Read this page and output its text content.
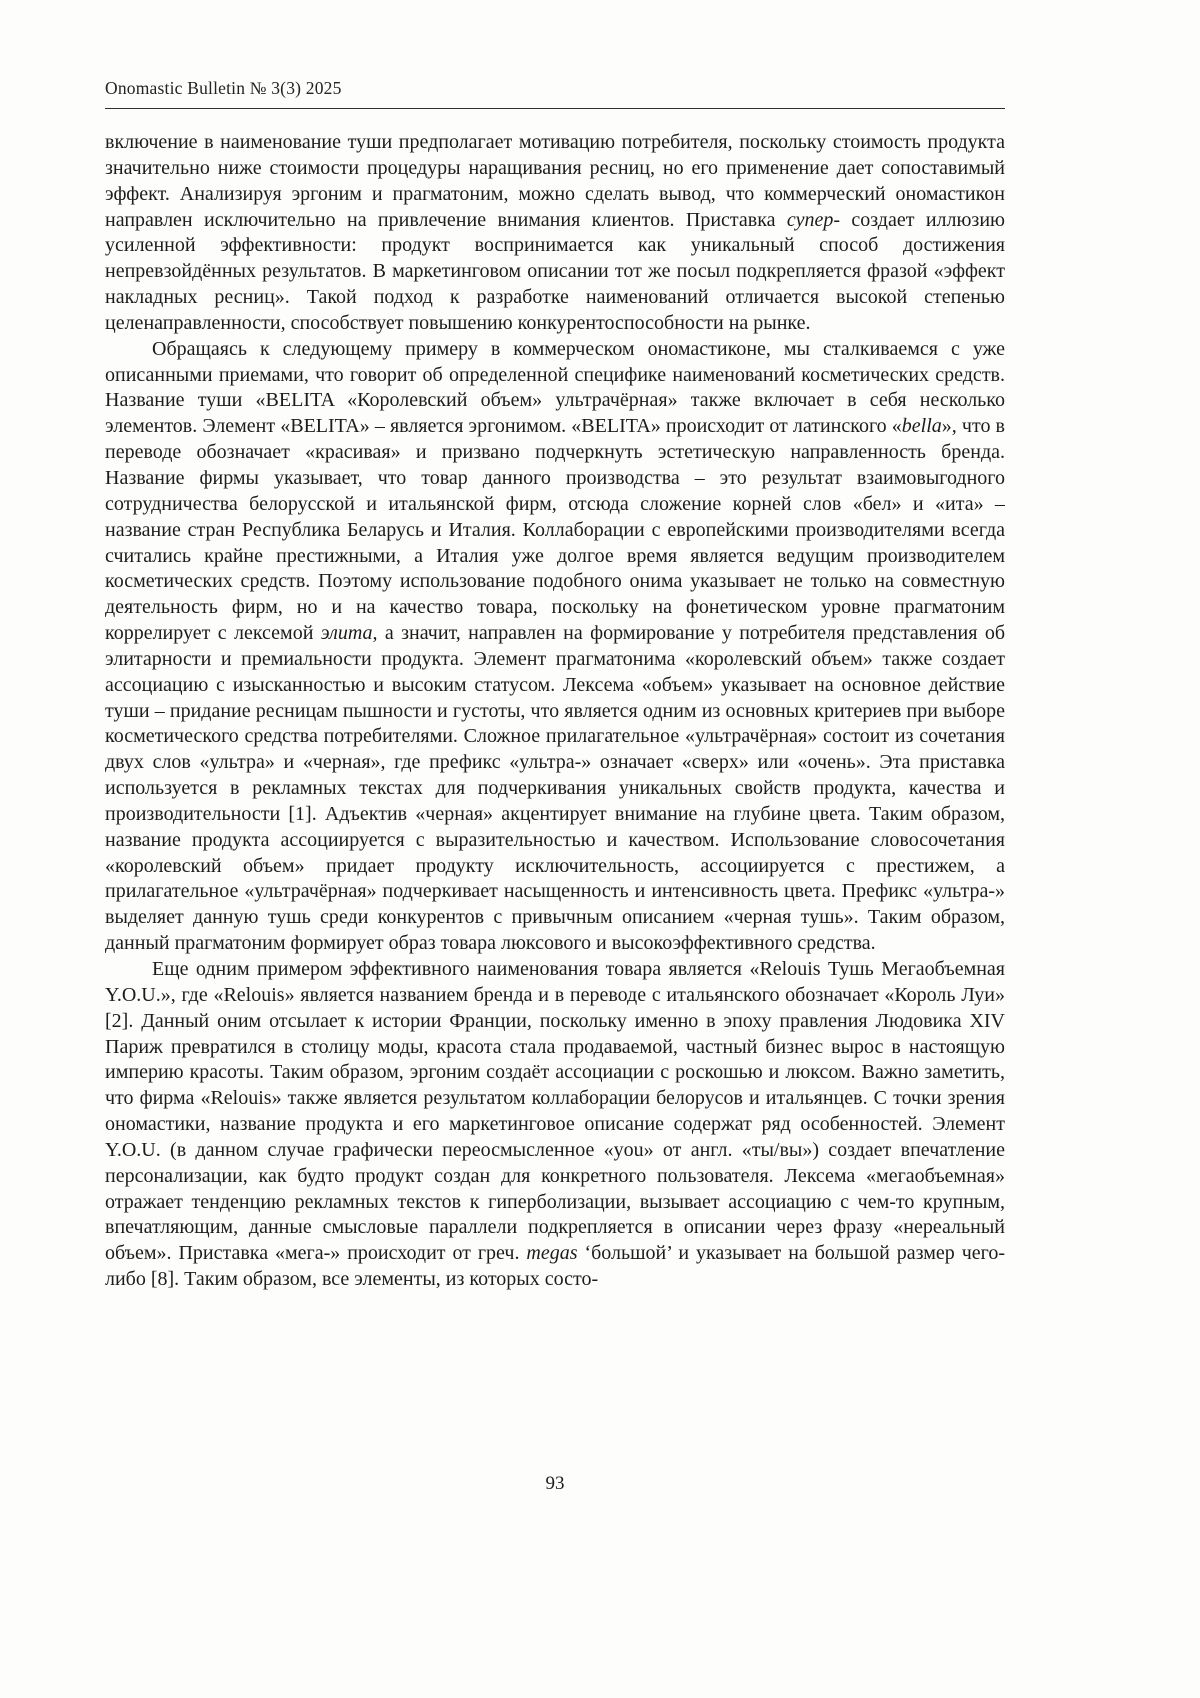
Onomastic Bulletin № 3(3) 2025

включение в наименование туши предполагает мотивацию потребителя, поскольку стоимость продукта значительно ниже стоимости процедуры наращивания ресниц, но его применение дает сопоставимый эффект. Анализируя эргоним и прагматоним, можно сделать вывод, что коммерческий ономастикон направлен исключительно на привлечение внимания клиентов. Приставка супер- создает иллюзию усиленной эффективности: продукт воспринимается как уникальный способ достижения непревзойдённых результатов. В маркетинговом описании тот же посыл подкрепляется фразой «эффект накладных ресниц». Такой подход к разработке наименований отличается высокой степенью целенаправленности, способствует повышению конкурентоспособности на рынке.

Обращаясь к следующему примеру в коммерческом ономастиконе, мы сталкиваемся с уже описанными приемами, что говорит об определенной специфике наименований косметических средств. Название туши «BELITA «Королевский объем» ультрачёрная» также включает в себя несколько элементов. Элемент «BELITA» – является эргонимом. «BELITA» происходит от латинского «bella», что в переводе обозначает «красивая» и призвано подчеркнуть эстетическую направленность бренда. Название фирмы указывает, что товар данного производства – это результат взаимовыгодного сотрудничества белорусской и итальянской фирм, отсюда сложение корней слов «бел» и «ита» – название стран Республика Беларусь и Италия. Коллаборации с европейскими производителями всегда считались крайне престижными, а Италия уже долгое время является ведущим производителем косметических средств. Поэтому использование подобного онима указывает не только на совместную деятельность фирм, но и на качество товара, поскольку на фонетическом уровне прагматоним коррелирует с лексемой элита, а значит, направлен на формирование у потребителя представления об элитарности и премиальности продукта. Элемент прагматонима «королевский объем» также создает ассоциацию с изысканностью и высоким статусом. Лексема «объем» указывает на основное действие туши – придание ресницам пышности и густоты, что является одним из основных критериев при выборе косметического средства потребителями. Сложное прилагательное «ультрачёрная» состоит из сочетания двух слов «ультра» и «черная», где префикс «ультра-» означает «сверх» или «очень». Эта приставка используется в рекламных текстах для подчеркивания уникальных свойств продукта, качества и производительности [1]. Адъектив «черная» акцентирует внимание на глубине цвета. Таким образом, название продукта ассоциируется с выразительностью и качеством. Использование словосочетания «королевский объем» придает продукту исключительность, ассоциируется с престижем, а прилагательное «ультрачёрная» подчеркивает насыщенность и интенсивность цвета. Префикс «ультра-» выделяет данную тушь среди конкурентов с привычным описанием «черная тушь». Таким образом, данный прагматоним формирует образ товара люксового и высокоэффективного средства.

Еще одним примером эффективного наименования товара является «Relouis Тушь Мегаобъемная Y.O.U.», где «Relouis» является названием бренда и в переводе с итальянского обозначает «Король Луи» [2]. Данный оним отсылает к истории Франции, поскольку именно в эпоху правления Людовика XIV Париж превратился в столицу моды, красота стала продаваемой, частный бизнес вырос в настоящую империю красоты. Таким образом, эргоним создаёт ассоциации с роскошью и люксом. Важно заметить, что фирма «Relouis» также является результатом коллаборации белорусов и итальянцев. С точки зрения ономастики, название продукта и его маркетинговое описание содержат ряд особенностей. Элемент Y.O.U. (в данном случае графически переосмысленное «you» от англ. «ты/вы») создает впечатление персонализации, как будто продукт создан для конкретного пользователя. Лексема «мегаобъемная» отражает тенденцию рекламных текстов к гиперболизации, вызывает ассоциацию с чем-то крупным, впечатляющим, данные смысловые параллели подкрепляется в описании через фразу «нереальный объем». Приставка «мега-» происходит от греч. megas ‘большой’ и указывает на большой размер чего-либо [8]. Таким образом, все элементы, из которых состо-

93
